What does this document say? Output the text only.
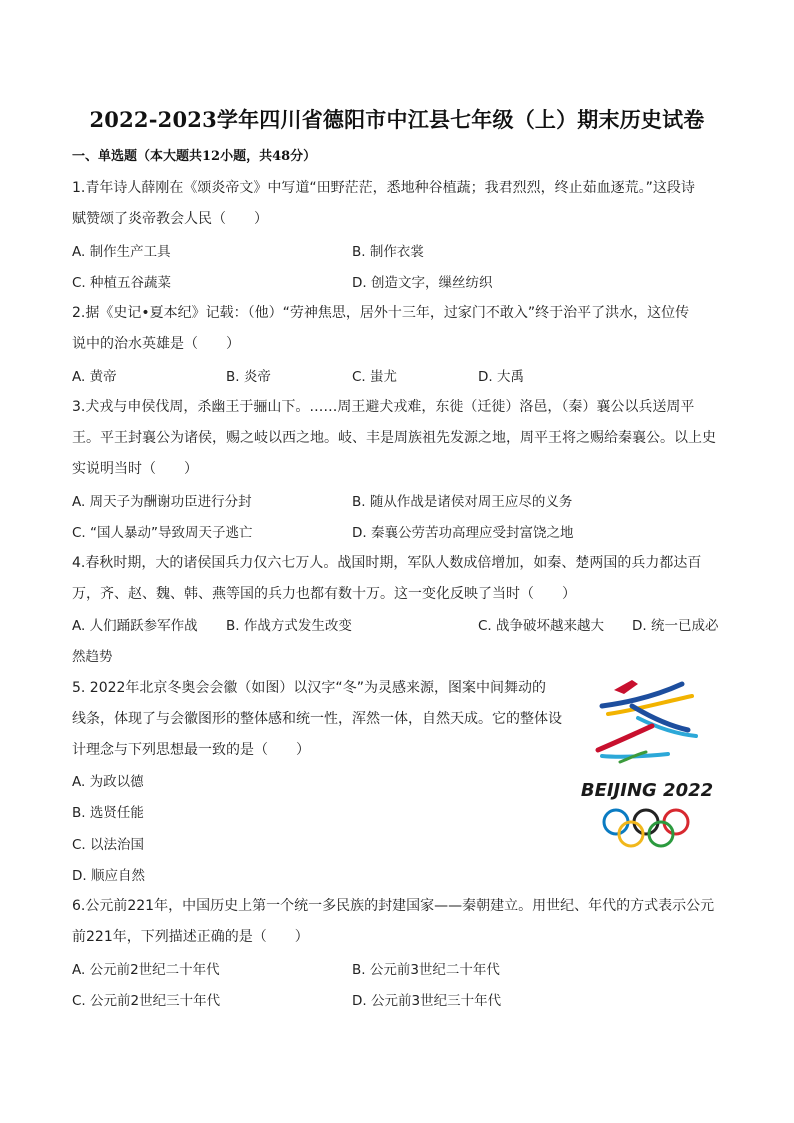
2022-2023学年四川省德阳市中江县七年级（上）期末历史试卷
一、单选题（本大题共12小题，共48分）
1.青年诗人薛刚在《颂炎帝文》中写道“田野茫茫，悉地种谷植蔬；我君烈烈，终止茹血逐荒。”这段诗
赋赞颂了炎帝教会人民（　　）
A. 制作生产工具	B. 制作衣裳
C. 种植五谷蔬菜	D. 创造文字，缫丝纺织
2.据《史记•夏本纪》记载：（他）“劳神焦思，居外十三年，过家门不敢入”终于治平了洪水，这位传
说中的治水英雄是（　　）
A. 黄帝	B. 炎帝	C. 蚩尤	D. 大禹
3.犬戎与申侯伐周，杀幽王于骊山下。……周王避犬戎难，东徙（迁徙）洛邑，（秦）襄公以兵送周平
王。平王封襄公为诸侯，赐之岐以西之地。岐、丰是周族祖先发源之地，周平王将之赐给秦襄公。以上史
实说明当时（　　）
A. 周天子为酬谢功臣进行分封	B. 随从作战是诸侯对周王应尽的义务
C. “国人暴动”导致周天子逃亡	D. 秦襄公劳苦功高理应受封富饶之地
4.春秋时期，大的诸侯国兵力仅六七万人。战国时期，军队人数成倍增加，如秦、楚两国的兵力都达百
万，齐、赵、魏、韩、燕等国的兵力也都有数十万。这一变化反映了当时（　　）
A. 人们踊跃参军作战 B. 作战方式发生改变	C. 战争破坏越来越大 D. 统一已成必
然趋势
5. 2022年北京冬奥会会徽（如图）以汉字“冬”为灵感来源，图案中间舞动的
线条，体现了与会徽图形的整体感和统一性，浑然一体，自然天成。它的整体设
计理念与下列思想最一致的是（　　）
A. 为政以德
B. 选贤任能
C. 以法治国
D. 顺应自然
BEIJING 2022
6.公元前221年，中国历史上第一个统一多民族的封建国家——秦朝建立。用世纪、年代的方式表示公元
前221年，下列描述正确的是（　　）
A. 公元前2世纪二十年代	B. 公元前3世纪二十年代
C. 公元前2世纪三十年代	D. 公元前3世纪三十年代
